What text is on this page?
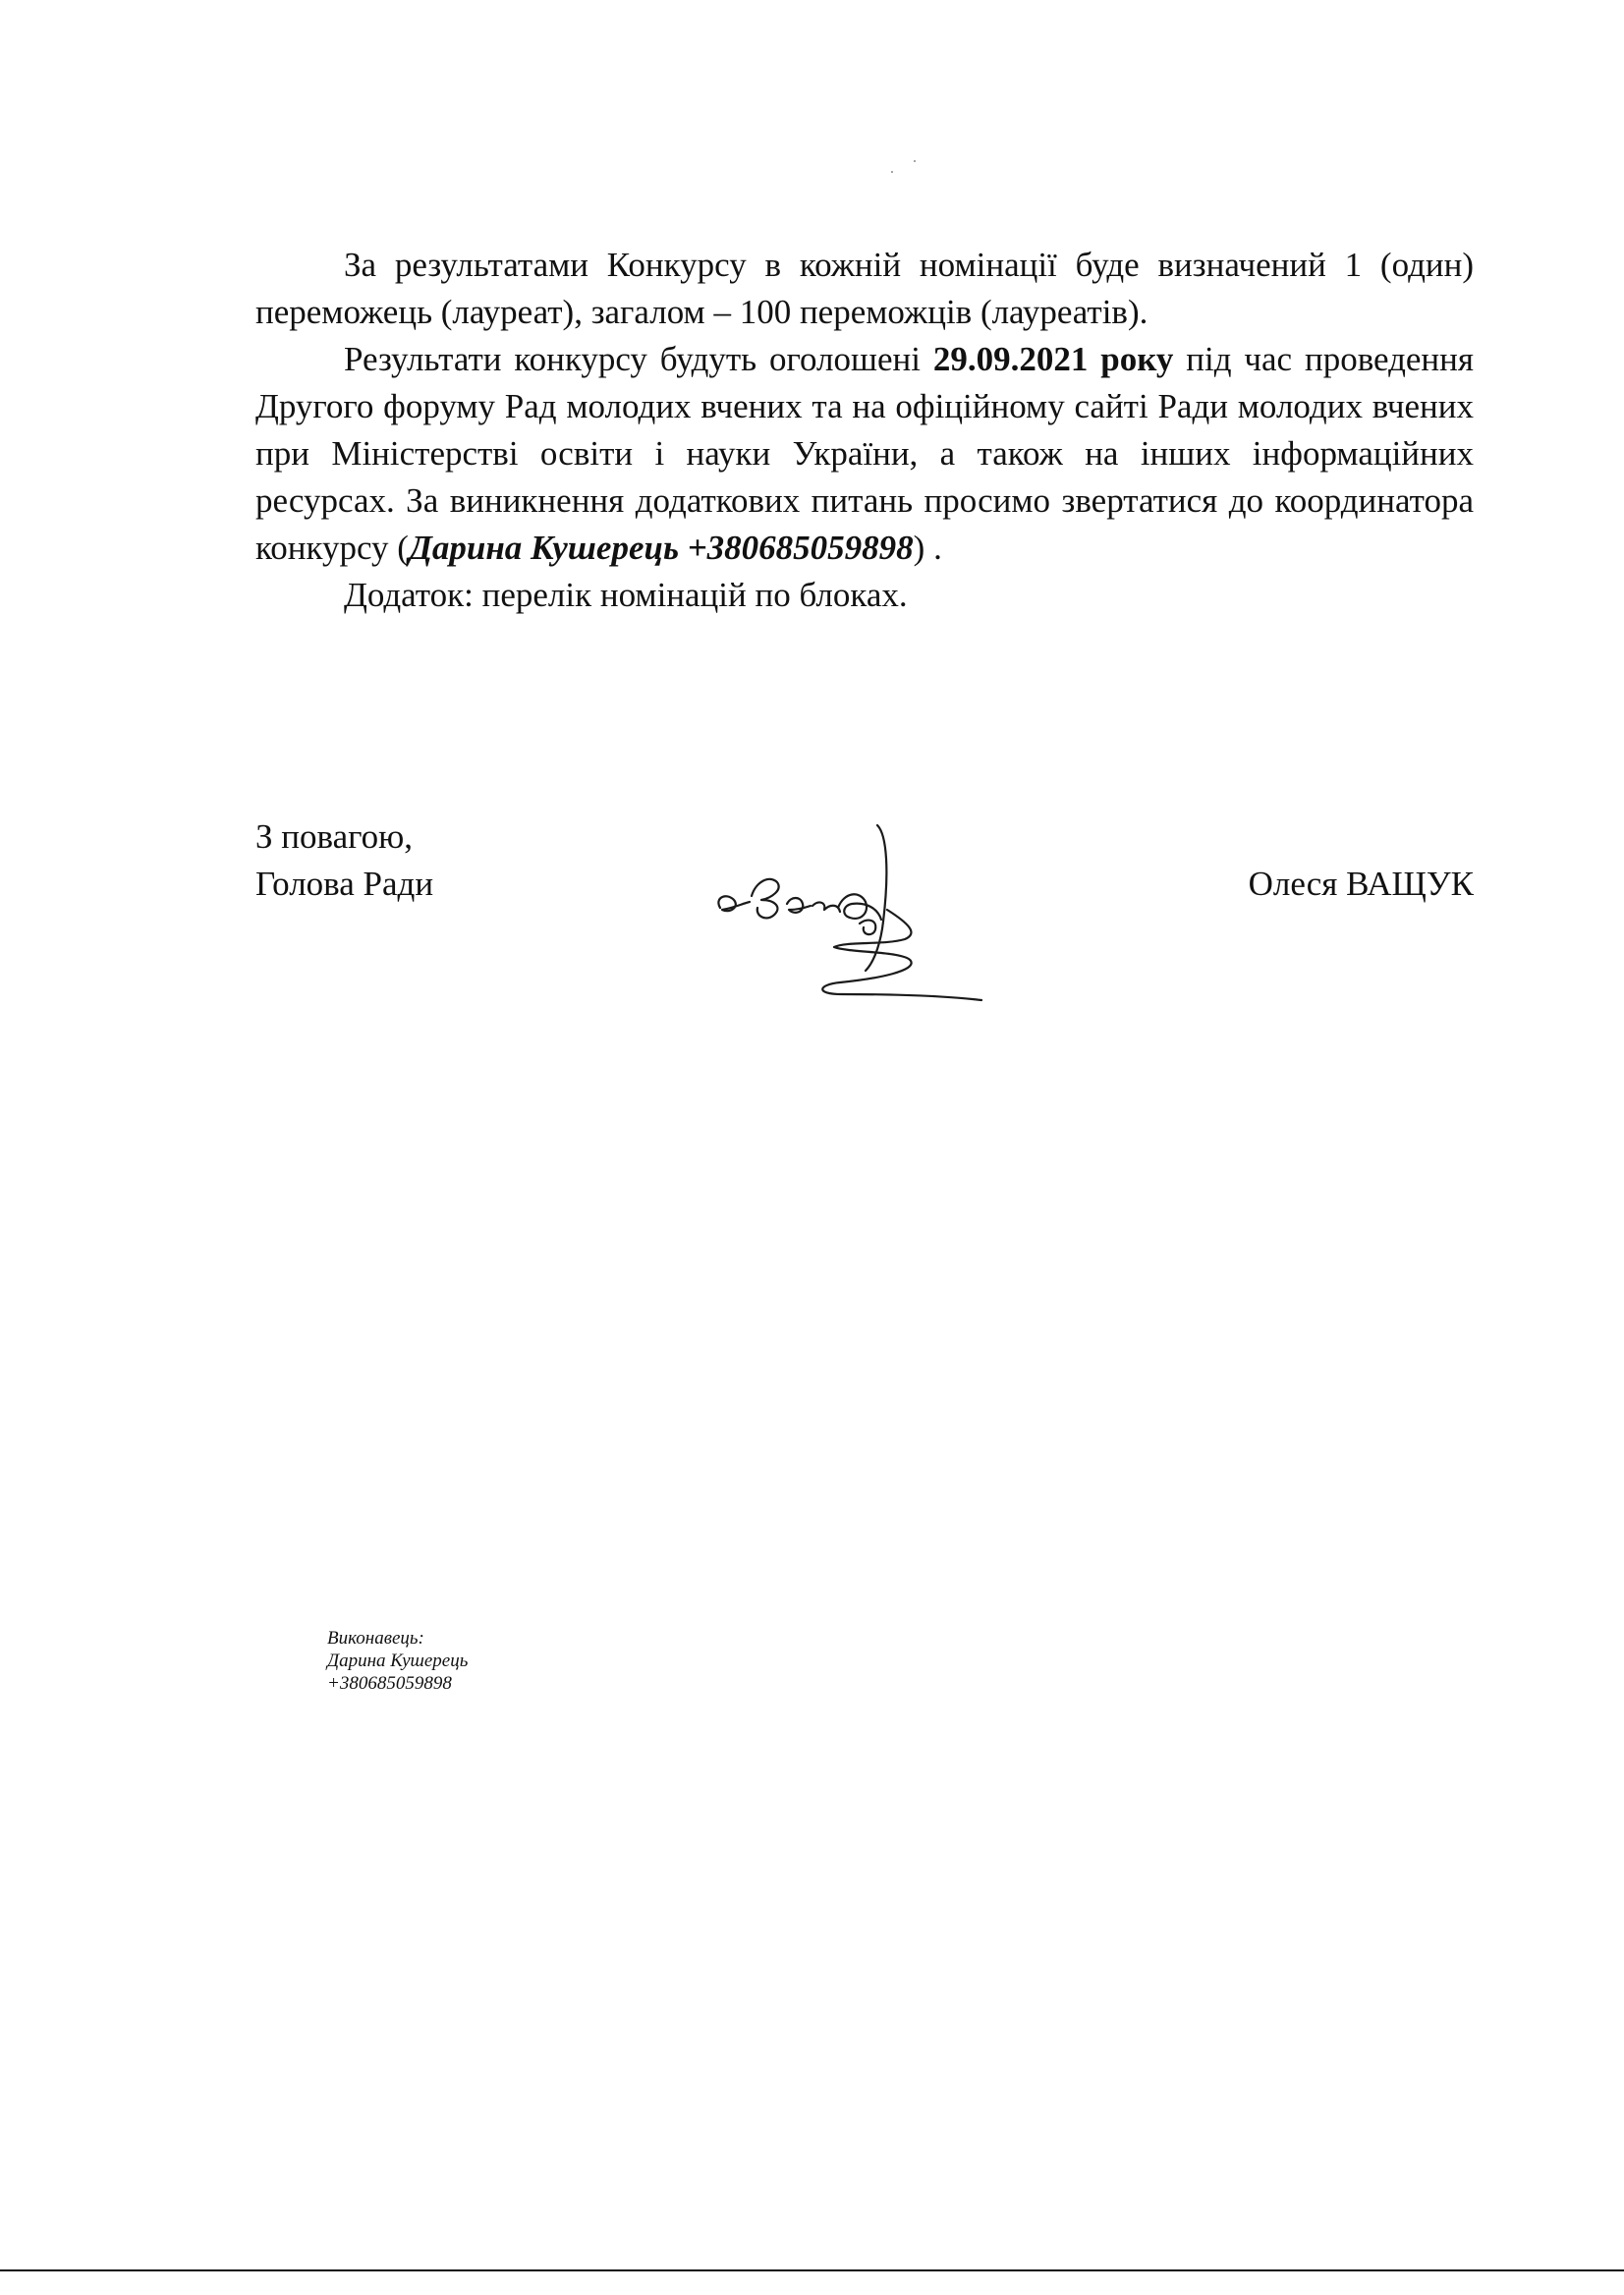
За результатами Конкурсу в кожній номінації буде визначений 1 (один) переможець (лауреат), загалом – 100 переможців (лауреатів).

Результати конкурсу будуть оголошені 29.09.2021 року під час проведення Другого форуму Рад молодих вчених та на офіційному сайті Ради молодих вчених при Міністерстві освіти і науки України, а також на інших інформаційних ресурсах. За виникнення додаткових питань просимо звертатися до координатора конкурсу (Дарина Кушерець +380685059898) .

Додаток: перелік номінацій по блоках.

З повагою,
Голова Ради	Олеся ВАЩУК
Виконавець:
Дарина Кушерець
+380685059898
